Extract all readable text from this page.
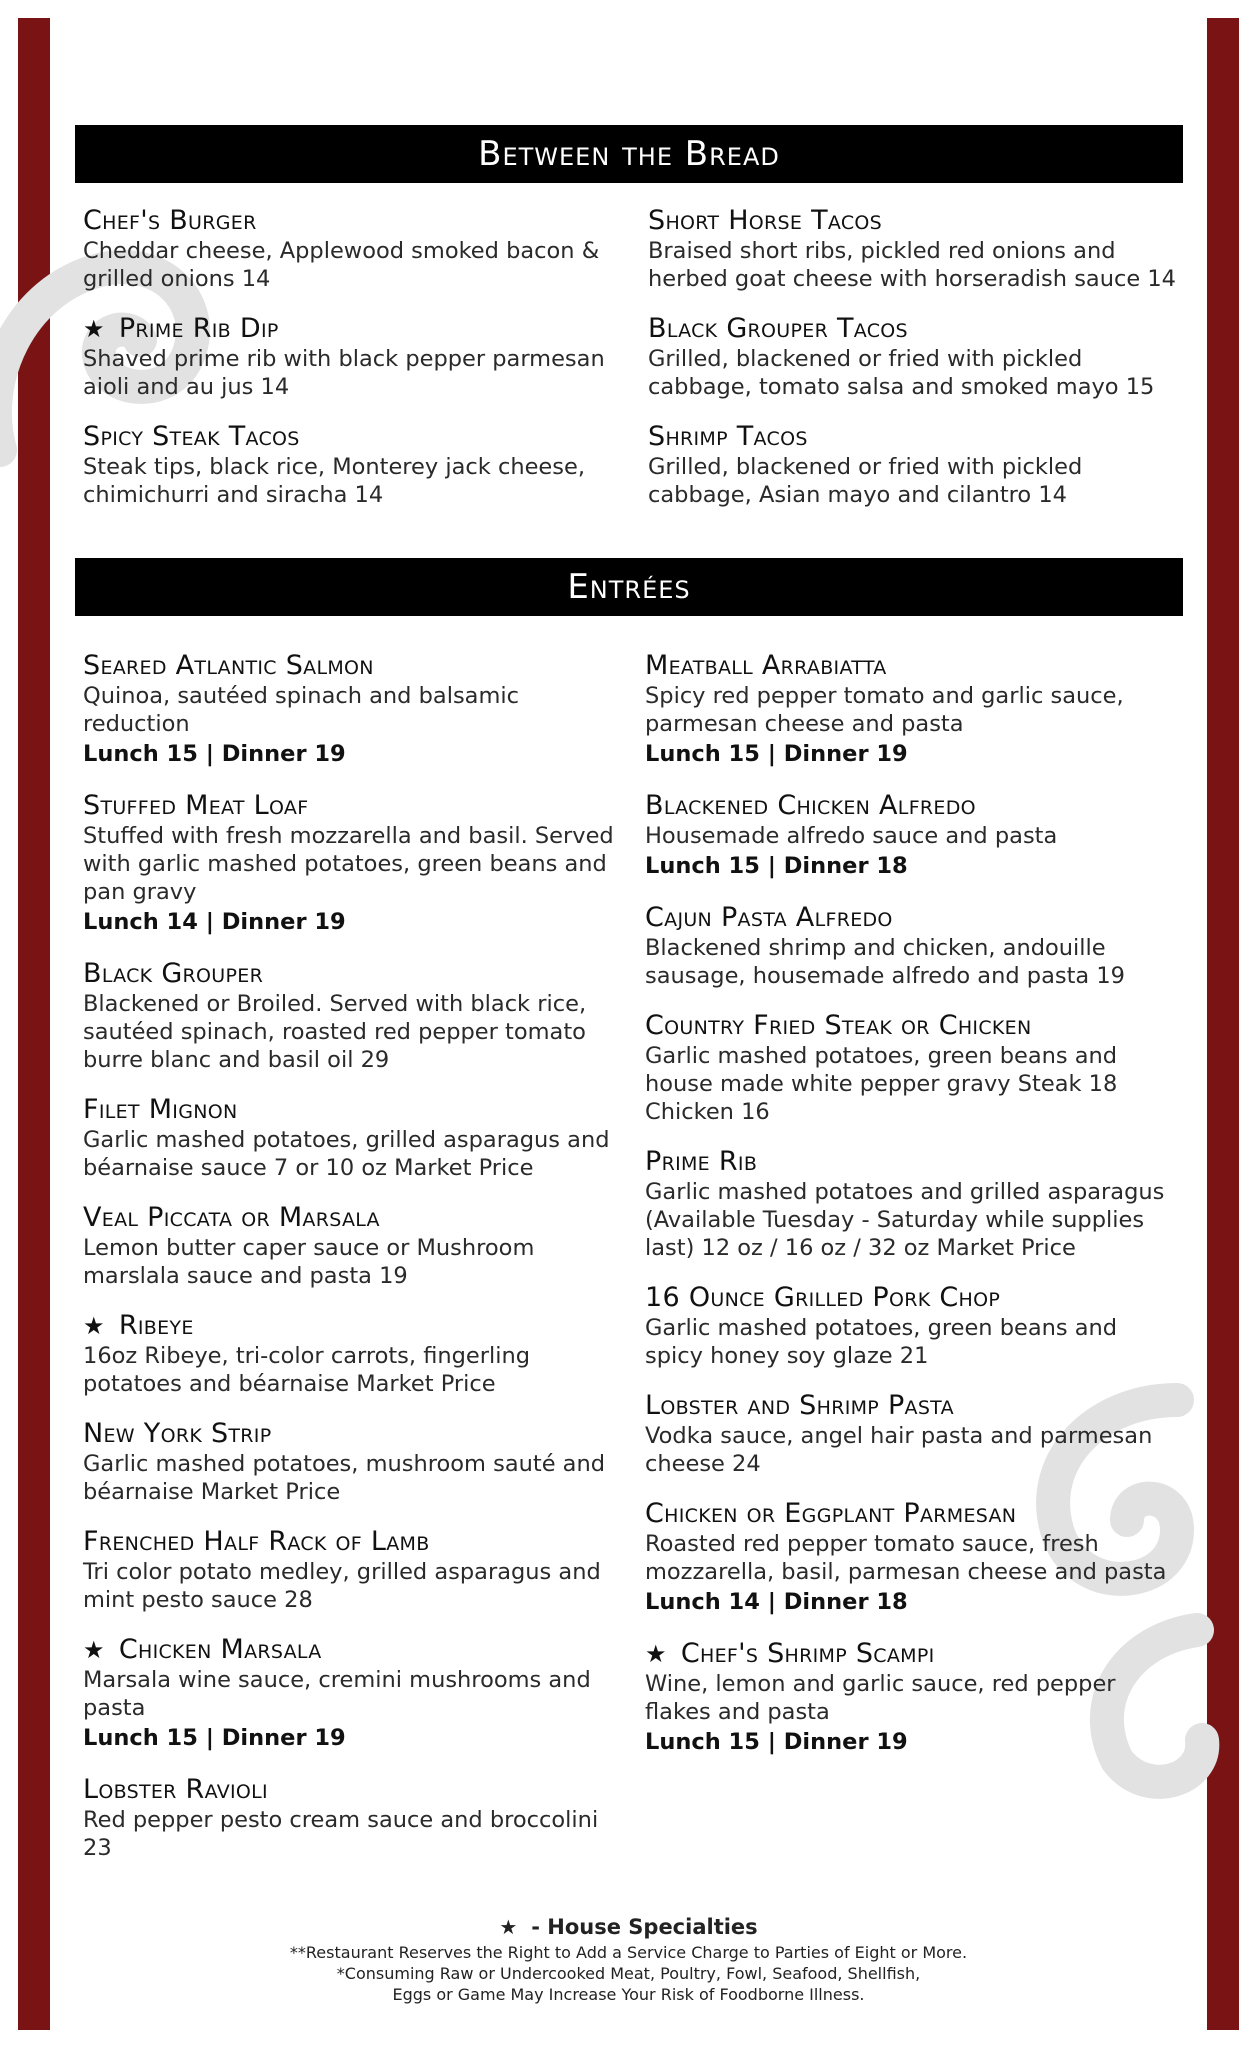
Between the Bread
Chef's Burger
Cheddar cheese, Applewood smoked bacon & grilled onions 14
★ Prime Rib Dip
Shaved prime rib with black pepper parmesan aioli and au jus 14
Spicy Steak Tacos
Steak tips, black rice, Monterey jack cheese, chimichurri and siracha 14
Short Horse Tacos
Braised short ribs, pickled red onions and herbed goat cheese with horseradish sauce 14
Black Grouper Tacos
Grilled, blackened or fried with pickled cabbage, tomato salsa and smoked mayo 15
Shrimp Tacos
Grilled, blackened or fried with pickled cabbage, Asian mayo and cilantro 14
Entrées
Seared Atlantic Salmon
Quinoa, sautéed spinach and balsamic reduction
Lunch 15 | Dinner 19
Stuffed Meat Loaf
Stuffed with fresh mozzarella and basil. Served with garlic mashed potatoes, green beans and pan gravy
Lunch 14 | Dinner 19
Black Grouper
Blackened or Broiled. Served with black rice, sautéed spinach, roasted red pepper tomato burre blanc and basil oil 29
Filet Mignon
Garlic mashed potatoes, grilled asparagus and béarnaise sauce 7 or 10 oz Market Price
Veal Piccata or Marsala
Lemon butter caper sauce or Mushroom marslala sauce and pasta 19
★ Ribeye
16oz Ribeye, tri-color carrots, fingerling potatoes and béarnaise Market Price
New York Strip
Garlic mashed potatoes, mushroom sauté and béarnaise Market Price
Frenched Half Rack of Lamb
Tri color potato medley, grilled asparagus and mint pesto sauce 28
★ Chicken Marsala
Marsala wine sauce, cremini mushrooms and pasta
Lunch 15 | Dinner 19
Lobster Ravioli
Red pepper pesto cream sauce and broccolini 23
Meatball Arrabiatta
Spicy red pepper tomato and garlic sauce, parmesan cheese and pasta
Lunch 15 | Dinner 19
Blackened Chicken Alfredo
Housemade alfredo sauce and pasta
Lunch 15 | Dinner 18
Cajun Pasta Alfredo
Blackened shrimp and chicken, andouille sausage, housemade alfredo and pasta 19
Country Fried Steak or Chicken
Garlic mashed potatoes, green beans and house made white pepper gravy Steak 18 Chicken 16
Prime Rib
Garlic mashed potatoes and grilled asparagus (Available Tuesday - Saturday while supplies last) 12 oz / 16 oz / 32 oz Market Price
16 Ounce Grilled Pork Chop
Garlic mashed potatoes, green beans and spicy honey soy glaze 21
Lobster and Shrimp Pasta
Vodka sauce, angel hair pasta and parmesan cheese 24
Chicken or Eggplant Parmesan
Roasted red pepper tomato sauce, fresh mozzarella, basil, parmesan cheese and pasta
Lunch 14 | Dinner 18
★ Chef's Shrimp Scampi
Wine, lemon and garlic sauce, red pepper flakes and pasta
Lunch 15 | Dinner 19
★ - House Specialties
**Restaurant Reserves the Right to Add a Service Charge to Parties of Eight or More.
*Consuming Raw or Undercooked Meat, Poultry, Fowl, Seafood, Shellfish,
Eggs or Game May Increase Your Risk of Foodborne Illness.
